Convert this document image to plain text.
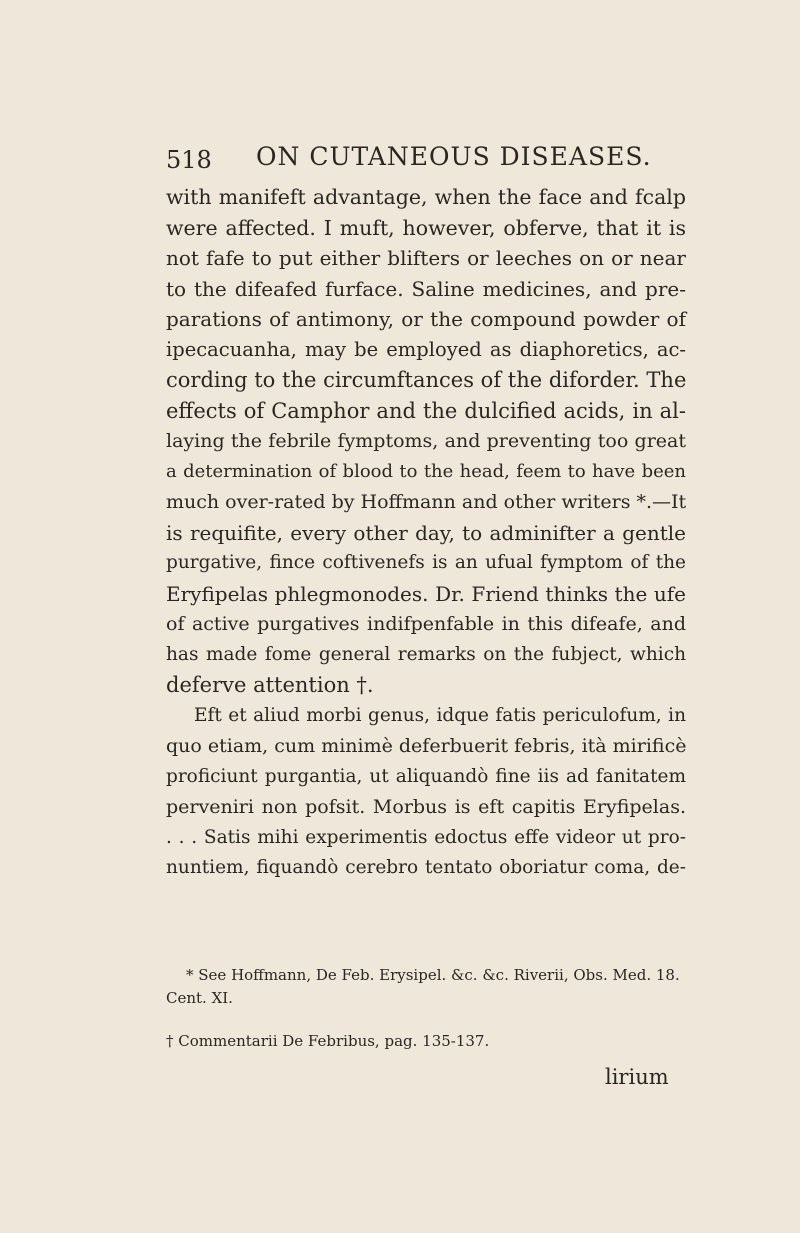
518 ON CUTANEOUS DISEASES.
with manifeft advantage, when the face and fcalp
were affected. I muft, however, obferve, that it is
not fafe to put either blifters or leeches on or near
to the difeafed furface. Saline medicines, and pre-
parations of antimony, or the compound powder of
ipecacuanha, may be employed as diaphoretics, ac-
cording to the circumftances of the diforder. The
effects of Camphor and the dulcified acids, in al-
laying the febrile fymptoms, and preventing too great
a determination of blood to the head, feem to have been
much over-rated by Hoffmann and other writers *.—It
is requifite, every other day, to adminifter a gentle
purgative, fince coftivenefs is an ufual fymptom of the
Eryfipelas phlegmonodes. Dr. Friend thinks the ufe
of active purgatives indifpenfable in this difeafe, and
has made fome general remarks on the fubject, which
deferve attention †.
Eft et aliud morbi genus, idque fatis periculofum, in
quo etiam, cum minimè deferbuerit febris, ità mirificè
proficiunt purgantia, ut aliquandò fine iis ad fanitatem
perveniri non pofsit. Morbus is eft capitis Eryfipelas.
. . . Satis mihi experimentis edoctus effe videor ut pro-
nuntiem, fiquandò cerebro tentato oboriatur coma, de-
* See Hoffmann, De Feb. Erysipel. &c. &c. Riverii, Obs. Med. 18.
Cent. XI.
† Commentarii De Febribus, pag. 135-137.
lirium
